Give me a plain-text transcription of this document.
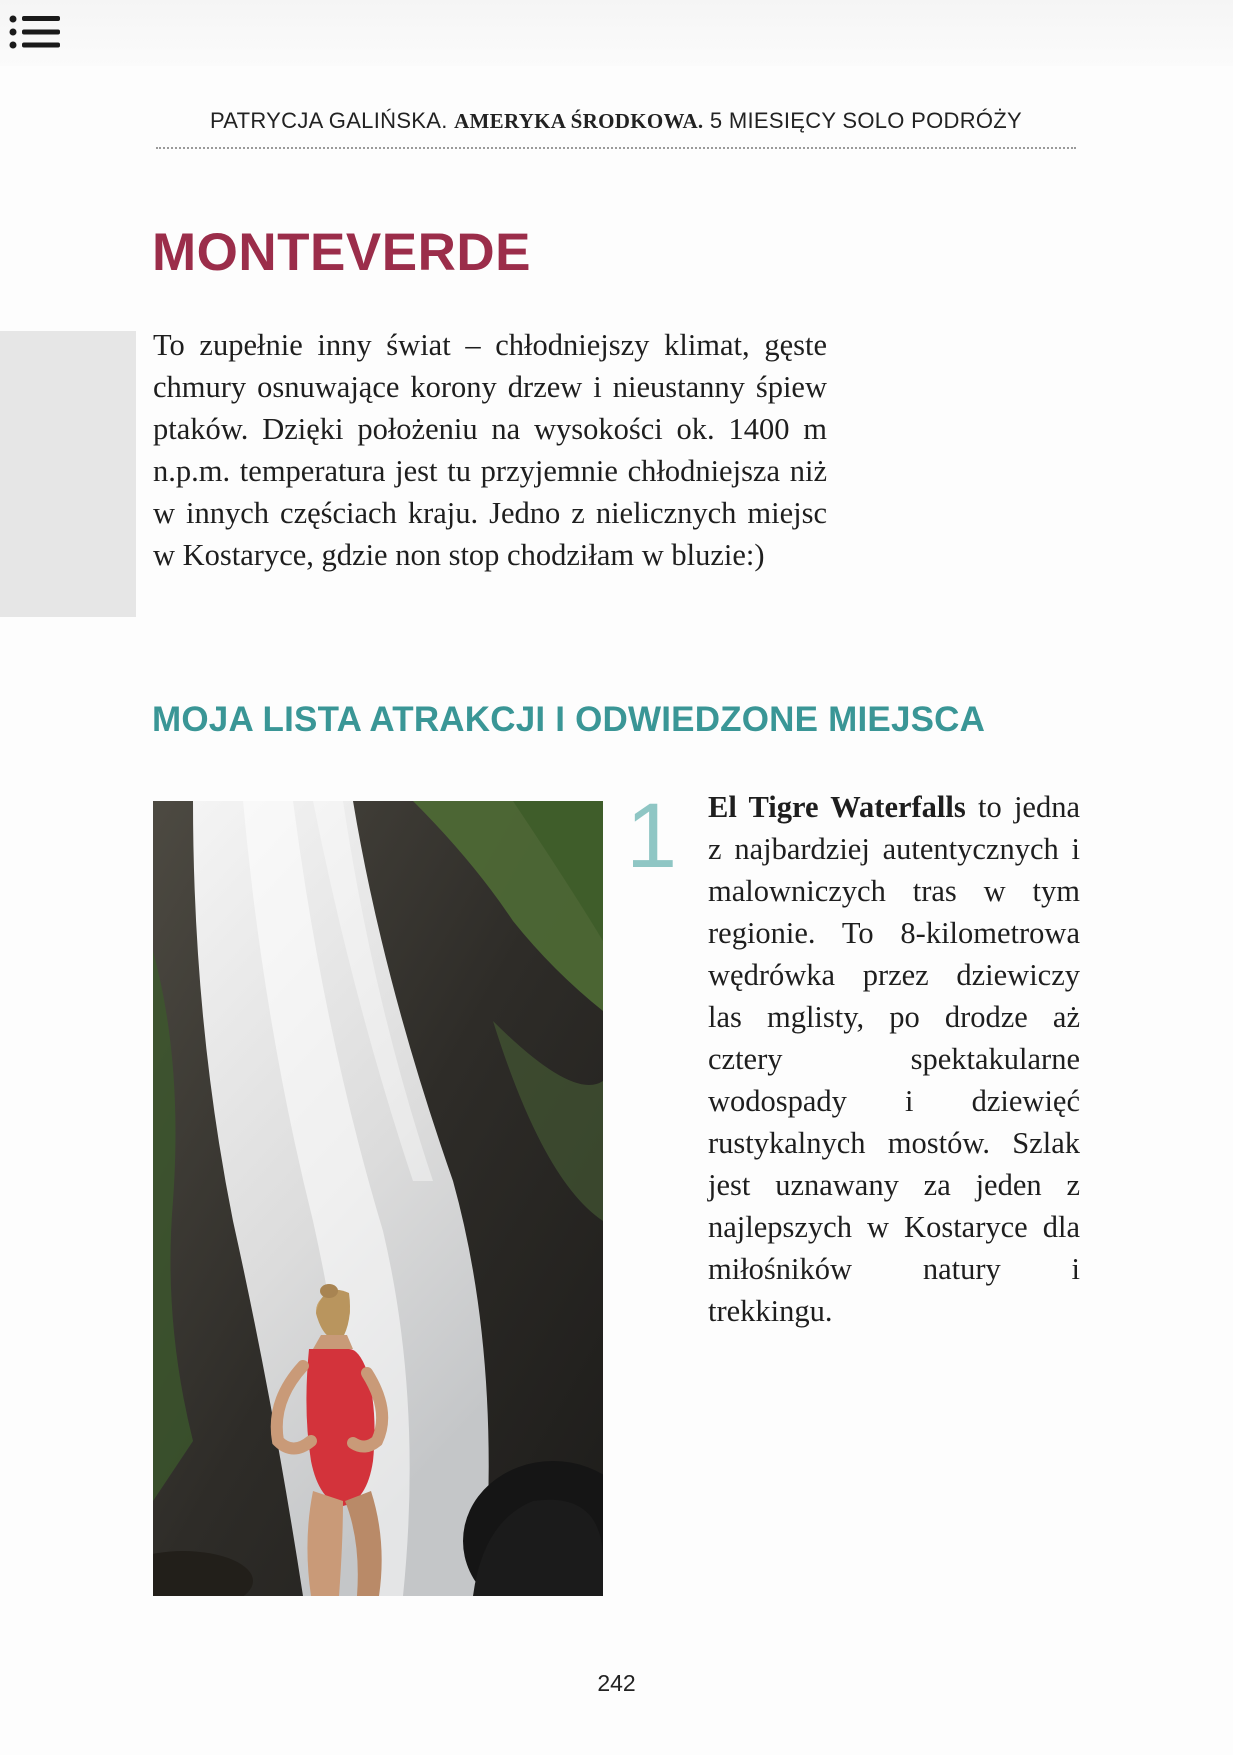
PATRYCJA GALIŃSKA. AMERYKA ŚRODKOWA. 5 MIESIĘCY SOLO PODRÓŻY
MONTEVERDE

To zupełnie inny świat – chłodniejszy klimat, gęste chmury osnuwające korony drzew i nieustanny śpiew ptaków. Dzięki położeniu na wysokości ok. 1400 m n.p.m. temperatura jest tu przyjemnie chłodniejsza niż w innych częściach kraju. Jedno z nielicznych miejsc w Kostaryce, gdzie non stop chodziłam w bluzie:)

MOJA LISTA ATRAKCJI I ODWIEDZONE MIEJSCA
1 El Tigre Waterfalls to jedna z najbardziej autentycznych i malowniczych tras w tym regionie. To 8-kilometrowa wędrówka przez dziewiczy las mglisty, po drodze aż cztery spektakularne wodospady i dziewięć rustykalnych mostów. Szlak jest uznawany za jeden z najlepszych w Kostaryce dla miłośników natury i trekkingu.

242
